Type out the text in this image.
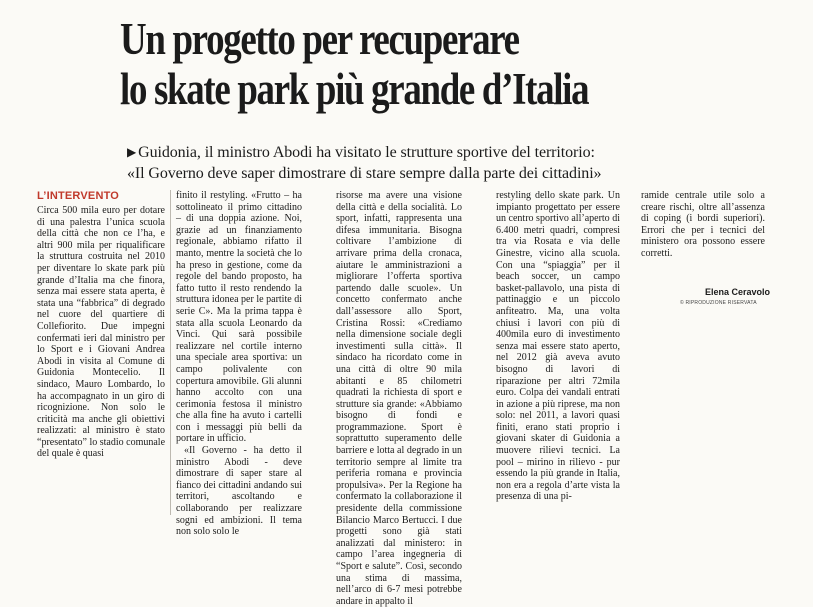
Un progetto per recuperare
lo skate park più grande d’Italia
▶ Guidonia, il ministro Abodi ha visitato le strutture sportive del territorio:
«Il Governo deve saper dimostrare di stare sempre dalla parte dei cittadini»
L’INTERVENTO

Circa 500 mila euro per dotare di una palestra l’unica scuola della città che non ce l’ha, e altri 900 mila per riqualificare la struttura costruita nel 2010 per diventare lo skate park più grande d’Italia ma che finora, senza mai essere stata aperta, è stata una “fabbrica” di degrado nel cuore del quartiere di Collefiorito. Due impegni confermati ieri dal ministro per lo Sport e i Giovani Andrea Abodi in visita al Comune di Guidonia Montecelio. Il sindaco, Mauro Lombardo, lo ha accompagnato in un giro di ricognizione. Non solo le criticità ma anche gli obiettivi realizzati: al ministro è stato “presentato” lo stadio comunale del quale è quasi

finito il restyling. «Frutto – ha sottolineato il primo cittadino – di una doppia azione. Noi, grazie ad un finanziamento regionale, abbiamo rifatto il manto, mentre la società che lo ha preso in gestione, come da regole del bando proposto, ha fatto tutto il resto rendendo la struttura idonea per le partite di serie C». Ma la prima tappa è stata alla scuola Leonardo da Vinci. Qui sarà possibile realizzare nel cortile interno una speciale area sportiva: un campo polivalente con copertura amovibile. Gli alunni hanno accolto con una cerimonia festosa il ministro che alla fine ha avuto i cartelli con i messaggi più belli da portare in ufficio.

«Il Governo - ha detto il ministro Abodi - deve dimostrare di saper stare al fianco dei cittadini andando sui territori, ascoltando e collaborando per realizzare sogni ed ambizioni. Il tema non solo solo le

risorse ma avere una visione della città e della socialità. Lo sport, infatti, rappresenta una difesa immunitaria. Bisogna coltivare l’ambizione di arrivare prima della cronaca, aiutare le amministrazioni a migliorare l’offerta sportiva partendo dalle scuole». Un concetto confermato anche dall’assessore allo Sport, Cristina Rossi: «Crediamo nella dimensione sociale degli investimenti sulla città». Il sindaco ha ricordato come in una città di oltre 90 mila abitanti e 85 chilometri quadrati la richiesta di sport e strutture sia grande: «Abbiamo bisogno di fondi e programmazione. Sport è soprattutto superamento delle barriere e lotta al degrado in un territorio sempre al limite tra periferia romana e provincia propulsiva». Per la Regione ha confermato la collaborazione il presidente della commissione Bilancio Marco Bertucci. I due progetti sono già stati analizzati dal ministero: in campo l’area ingegneria di “Sport e salute”. Così, secondo una stima di massima, nell’arco di 6-7 mesi potrebbe andare in appalto il

restyling dello skate park. Un impianto progettato per essere un centro sportivo all’aperto di 6.400 metri quadri, compresi tra via Rosata e via delle Ginestre, vicino alla scuola. Con una “spiaggia” per il beach soccer, un campo basket-pallavolo, una pista di pattinaggio e un piccolo anfiteatro. Ma, una volta chiusi i lavori con più di 400mila euro di investimento senza mai essere stato aperto, nel 2012 già aveva avuto bisogno di lavori di riparazione per altri 72mila euro. Colpa dei vandali entrati in azione a più riprese, ma non solo: nel 2011, a lavori quasi finiti, erano stati proprio i giovani skater di Guidonia a muovere rilievi tecnici. La pool – mirino in rilievo - pur essendo la più grande in Italia, non era a regola d’arte vista la presenza di una pi-

ramide centrale utile solo a creare rischi, oltre all’assenza di coping (i bordi superiori). Errori che per i tecnici del ministero ora possono essere corretti.

Elena Ceravolo
© RIPRODUZIONE RISERVATA
